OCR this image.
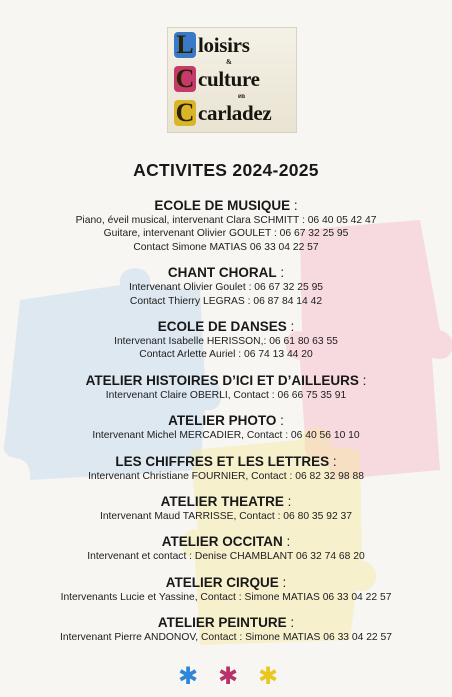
L loisirs
&
C culture
en
C carladez
ACTIVITES 2024-2025
ECOLE DE MUSIQUE :
Piano, éveil musical, intervenant Clara SCHMITT : 06 40 05 42 47
Guitare, intervenant Olivier GOULET : 06 67 32 25 95
Contact Simone MATIAS 06 33 04 22 57
CHANT CHORAL :
Intervenant Olivier Goulet : 06 67 32 25 95
Contact Thierry LEGRAS : 06 87 84 14 42
ECOLE DE DANSES :
Intervenant Isabelle HERISSON,: 06 61 80 63 55
Contact Arlette Auriel : 06 74 13 44 20
ATELIER HISTOIRES D’ICI ET D’AILLEURS :
Intervenant Claire OBERLI, Contact : 06 66 75 35 91
ATELIER PHOTO :
Intervenant Michel MERCADIER, Contact : 06 40 56 10 10
LES CHIFFRES ET LES LETTRES :
Intervenant Christiane FOURNIER, Contact : 06 82 32 98 88
ATELIER THEATRE :
Intervenant Maud TARRISSE, Contact : 06 80 35 92 37
ATELIER OCCITAN :
Intervenant et contact : Denise CHAMBLANT 06 32 74 68 20
ATELIER CIRQUE :
Intervenants Lucie et Yassine, Contact : Simone MATIAS 06 33 04 22 57
ATELIER PEINTURE :
Intervenant Pierre ANDONOV, Contact : Simone MATIAS 06 33 04 22 57
✱ ✱ ✱
